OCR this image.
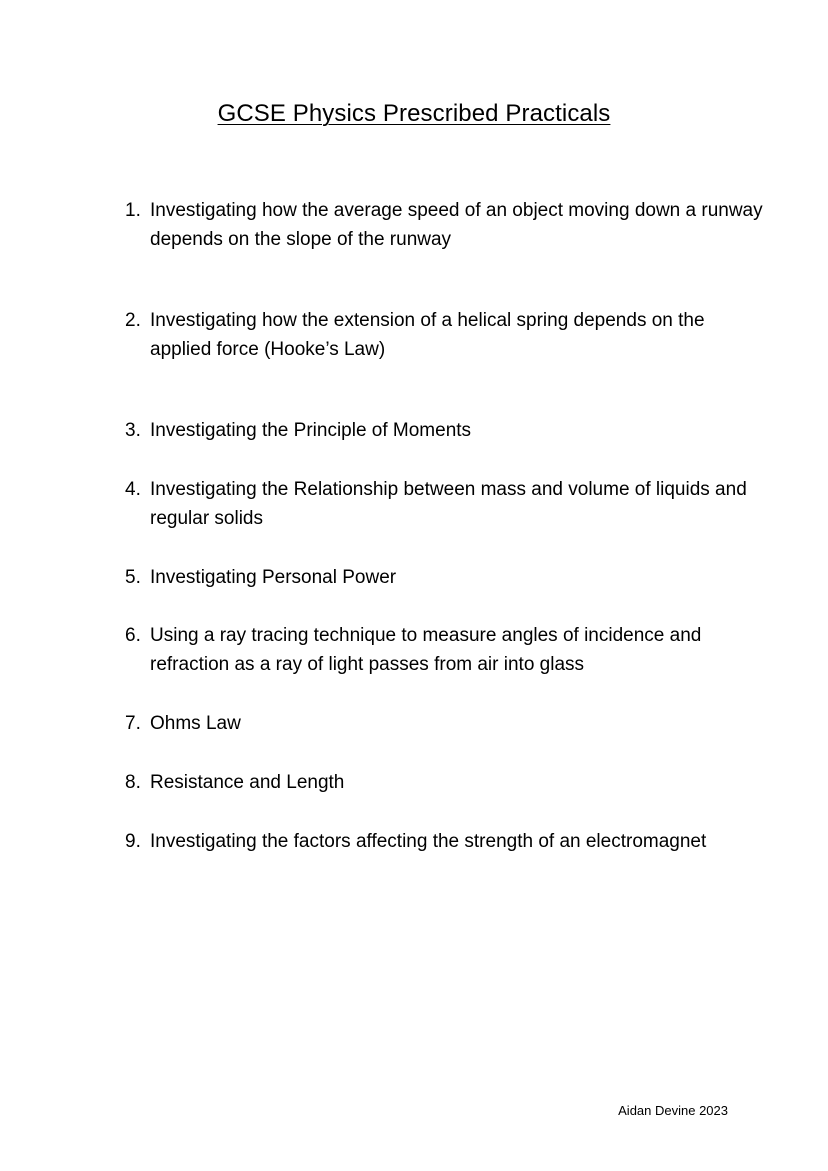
GCSE Physics Prescribed Practicals
1. Investigating how the average speed of an object moving down a runway depends on the slope of the runway
2. Investigating how the extension of a helical spring depends on the applied force (Hooke’s Law)
3. Investigating the Principle of Moments
4. Investigating the Relationship between mass and volume of liquids and regular solids
5. Investigating Personal Power
6. Using a ray tracing technique to measure angles of incidence and refraction as a ray of light passes from air into glass
7. Ohms Law
8. Resistance and Length
9. Investigating the factors affecting the strength of an electromagnet
Aidan Devine 2023
